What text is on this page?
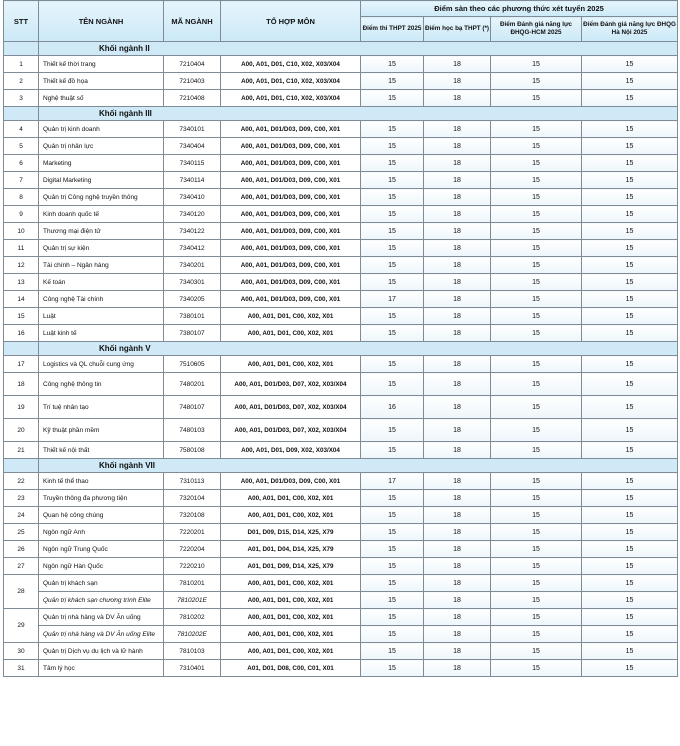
STT	TÊN NGÀNH	MÃ NGÀNH	TỔ HỢP MÔN	Điểm sàn theo các phương thức xét tuyển 2025			
				Điểm thi THPT 2025	Điểm học bạ THPT (*)	Điểm Đánh giá năng lực ĐHQG-HCM 2025	Điểm Đánh giá năng lực ĐHQG Hà Nội 2025
	Khối ngành II						
1	Thiết kế thời trang	7210404	A00, A01, D01, C10, X02, X03/X04	15	18	15	15
2	Thiết kế đồ họa	7210403	A00, A01, D01, C10, X02, X03/X04	15	18	15	15
3	Nghệ thuật số	7210408	A00, A01, D01, C10, X02, X03/X04	15	18	15	15
	Khối ngành III						
4	Quản trị kinh doanh	7340101	A00, A01, D01/D03, D09, C00, X01	15	18	15	15
5	Quản trị nhân lực	7340404	A00, A01, D01/D03, D09, C00, X01	15	18	15	15
6	Marketing	7340115	A00, A01, D01/D03, D09, C00, X01	15	18	15	15
7	Digital Marketing	7340114	A00, A01, D01/D03, D09, C00, X01	15	18	15	15
8	Quản trị Công nghệ truyền thông	7340410	A00, A01, D01/D03, D09, C00, X01	15	18	15	15
9	Kinh doanh quốc tế	7340120	A00, A01, D01/D03, D09, C00, X01	15	18	15	15
10	Thương mại điện tử	7340122	A00, A01, D01/D03, D09, C00, X01	15	18	15	15
11	Quản trị sự kiện	7340412	A00, A01, D01/D03, D09, C00, X01	15	18	15	15
12	Tài chính – Ngân hàng	7340201	A00, A01, D01/D03, D09, C00, X01	15	18	15	15
13	Kế toán	7340301	A00, A01, D01/D03, D09, C00, X01	15	18	15	15
14	Công nghệ Tài chính	7340205	A00, A01, D01/D03, D09, C00, X01	17	18	15	15
15	Luật	7380101	A00, A01, D01, C00, X02, X01	15	18	15	15
16	Luật kinh tế	7380107	A00, A01, D01, C00, X02, X01	15	18	15	15
	Khối ngành V						
17	Logistics và QL chuỗi cung ứng	7510605	A00, A01, D01, C00, X02, X01	15	18	15	15
18	Công nghệ thông tin	7480201	A00, A01, D01/D03, D07, X02, X03/X04	15	18	15	15
19	Trí tuệ nhân tạo	7480107	A00, A01, D01/D03, D07, X02, X03/X04	16	18	15	15
20	Kỹ thuật phần mềm	7480103	A00, A01, D01/D03, D07, X02, X03/X04	15	18	15	15
21	Thiết kế nội thất	7580108	A00, A01, D01, D09, X02, X03/X04	15	18	15	15
	Khối ngành VII						
22	Kinh tế thể thao	7310113	A00, A01, D01/D03, D09, C00, X01	17	18	15	15
23	Truyền thông đa phương tiện	7320104	A00, A01, D01, C00, X02, X01	15	18	15	15
24	Quan hệ công chúng	7320108	A00, A01, D01, C00, X02, X01	15	18	15	15
25	Ngôn ngữ Anh	7220201	D01, D09, D15, D14, X25, X79	15	18	15	15
26	Ngôn ngữ Trung Quốc	7220204	A01, D01, D04, D14, X25, X79	15	18	15	15
27	Ngôn ngữ Hàn Quốc	7220210	A01, D01, D09, D14, X25, X79	15	18	15	15
28	Quản trị khách sạn	7810201	A00, A01, D01, C00, X02, X01	15	18	15	15
	Quản trị khách sạn chương trình Elite	7810201E	A00, A01, D01, C00, X02, X01	15	18	15	15
29	Quản trị nhà hàng và DV Ăn uống	7810202	A00, A01, D01, C00, X02, X01	15	18	15	15
	Quản trị nhà hàng và DV Ăn uống Elite	7810202E	A00, A01, D01, C00, X02, X01	15	18	15	15
30	Quản trị Dịch vụ du lịch và lữ hành	7810103	A00, A01, D01, C00, X02, X01	15	18	15	15
31	Tâm lý học	7310401	A01, D01, D08, C00, C01, X01	15	18	15	15
